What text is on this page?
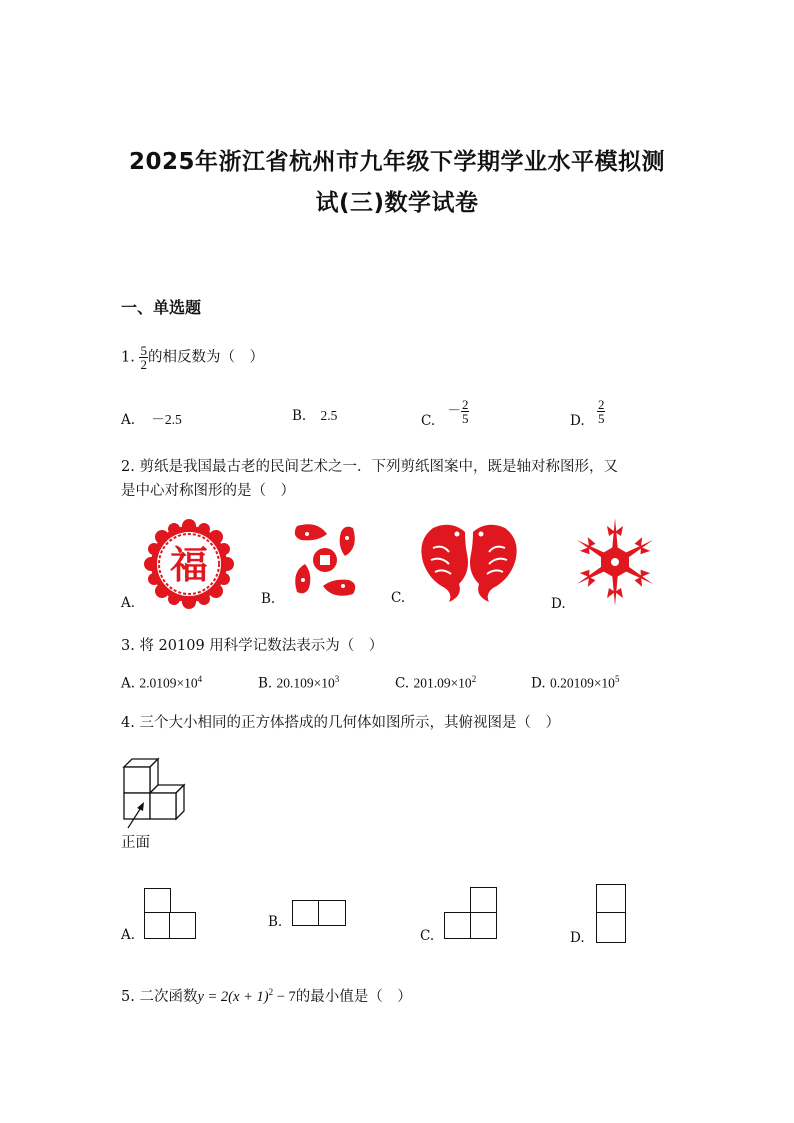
2025年浙江省杭州市九年级下学期学业水平模拟测
试(三)数学试卷
一、单选题
1. $\frac{5}{2}$ 的相反数为（　）
A. －2.5	B. 2.5	C. － $\frac{2}{5}$	D. $\frac{2}{5}$
2. 剪纸是我国最古老的民间艺术之一．下列剪纸图案中，既是轴对称图形，又
是中心对称图形的是（　）
A.	B.	C.	D.
福
3. 将 20109 用科学记数法表示为（　）
A. $2.0109\times 10^4$	B. $20.109\times 10^3$	C. $201.09\times 10^2$	D. $0.20109\times 10^5$
4. 三个大小相同的正方体搭成的几何体如图所示，其俯视图是（　）
正面
A.
B.
C.	D.
5. 二次函数$y = 2(x + 1)^2 - 7$的最小值是（　）
